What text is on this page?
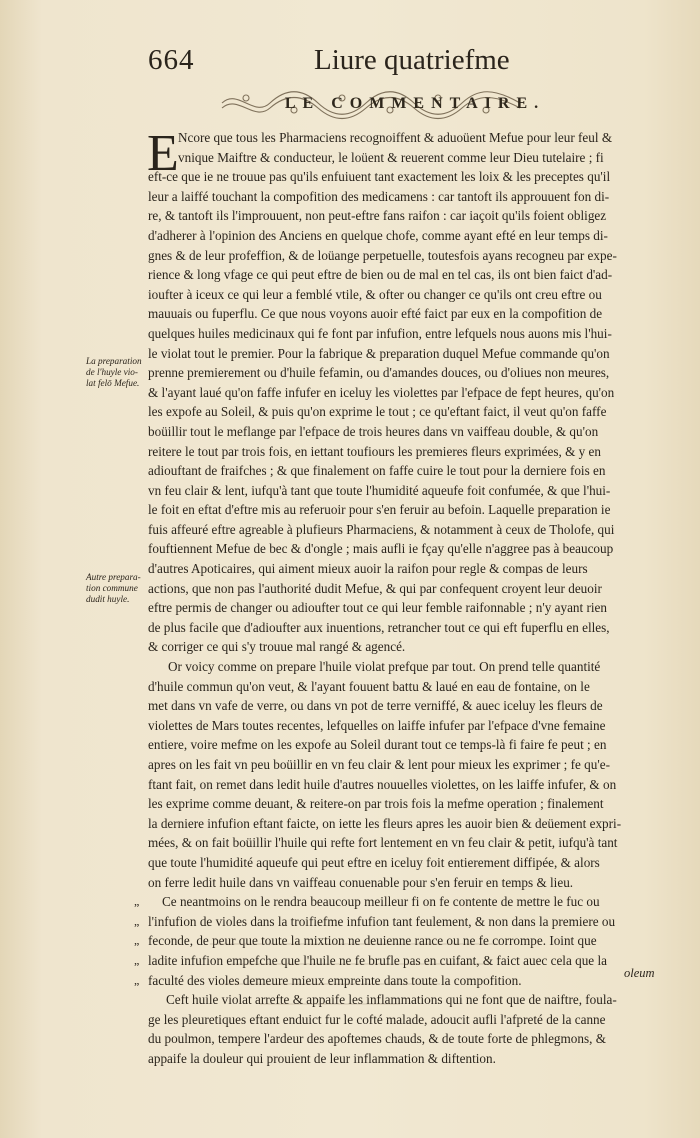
664	Liure quatriefme
LE COMMENTAIRE.
E Ncore que tous les Pharmaciens recognoiffent & aduoüent Mefue pour leur feul &
vnique Maiftre & conducteur, le loüent & reuerent comme leur Dieu tutelaire ; fi
eft-ce que ie ne trouue pas qu'ils enfuiuent tant exactement les loix & les preceptes qu'il
leur a laiffé touchant la compofition des medicamens : car tantoft ils approuuent fon di-
re, & tantoft ils l'improuuent, non peut-eftre fans raifon : car iaçoit qu'ils foient obligez
d'adherer à l'opinion des Anciens en quelque chofe, comme ayant efté en leur temps di-
gnes & de leur profeffion, & de loüange perpetuelle, toutesfois ayans recogneu par expe-
rience & long vfage ce qui peut eftre de bien ou de mal en tel cas, ils ont bien faict d'ad-
ioufter à iceux ce qui leur a femblé vtile, & ofter ou changer ce qu'ils ont creu eftre ou
mauuais ou fuperflu. Ce que nous voyons auoir efté faict par eux en la compofition de
quelques huiles medicinaux qui fe font par infufion, entre lefquels nous auons mis l'hui-
le violat tout le premier. Pour la fabrique & preparation duquel Mefue commande qu'on
prenne premierement ou d'huile fefamin, ou d'amandes douces, ou d'oliues non meures,
& l'ayant laué qu'on faffe infufer en iceluy les violettes par l'efpace de fept heures, qu'on
les expofe au Soleil, & puis qu'on exprime le tout ; ce qu'eftant faict, il veut qu'on faffe
boüillir tout le meflange par l'efpace de trois heures dans vn vaiffeau double, & qu'on
reitere le tout par trois fois, en iettant toufiours les premieres fleurs exprimées, & y en
adiouftant de fraifches ; & que finalement on faffe cuire le tout pour la derniere fois en
vn feu clair & lent, iufqu'à tant que toute l'humidité aqueufe foit confumée, & que l'hui-
le foit en eftat d'eftre mis au referuoir pour s'en feruir au befoin. Laquelle preparation ie
fuis affeuré eftre agreable à plufieurs Pharmaciens, & notamment à ceux de Tholofe, qui
fouftiennent Mefue de bec & d'ongle ; mais aufli ie fçay qu'elle n'aggree pas à beaucoup
d'autres Apoticaires, qui aiment mieux auoir la raifon pour regle & compas de leurs
actions, que non pas l'authorité dudit Mefue, & qui par confequent croyent leur deuoir
eftre permis de changer ou adioufter tout ce qui leur femble raifonnable ; n'y ayant rien
de plus facile que d'adioufter aux inuentions, retrancher tout ce qui eft fuperflu en elles,
& corriger ce qui s'y trouue mal rangé & agencé.
Or voicy comme on prepare l'huile violat prefque par tout. On prend telle quantité
d'huile commun qu'on veut, & l'ayant fouuent battu & laué en eau de fontaine, on le
met dans vn vafe de verre, ou dans vn pot de terre verniffé, & auec iceluy les fleurs de
violettes de Mars toutes recentes, lefquelles on laiffe infufer par l'efpace d'vne femaine
entiere, voire mefme on les expofe au Soleil durant tout ce temps-là fi faire fe peut ; en
apres on les fait vn peu boüillir en vn feu clair & lent pour mieux les exprimer ; fe qu'e-
ftant fait, on remet dans ledit huile d'autres nouuelles violettes, on les laiffe infufer, & on
les exprime comme deuant, & reitere-on par trois fois la mefme operation ; finalement
la derniere infufion eftant faicte, on iette les fleurs apres les auoir bien & deüement expri-
mées, & on fait boüillir l'huile qui refte fort lentement en vn feu clair & petit, iufqu'à tant
que toute l'humidité aqueufe qui peut eftre en iceluy foit entierement diffipée, & alors
on ferre ledit huile dans vn vaiffeau conuenable pour s'en feruir en temps & lieu.
„ Ce neantmoins on le rendra beaucoup meilleur fi on fe contente de mettre le fuc ou
„ l'infufion de violes dans la troifiefme infufion tant feulement, & non dans la premiere ou
„ feconde, de peur que toute la mixtion ne deuienne rance ou ne fe corrompe. Ioint que
„ ladite infufion empefche que l'huile ne fe brufle pas en cuifant, & faict auec cela que la
„ faculté des violes demeure mieux empreinte dans toute la compofition.
Ceft huile violat arrefte & appaife les inflammations qui ne font que de naiftre, foula-
ge les pleuretiques eftant enduict fur le cofté malade, adoucit aufli l'afpreté de la canne
du poulmon, tempere l'ardeur des apoftemes chauds, & de toute forte de phlegmons, &
appaife la douleur qui prouient de leur inflammation & diftention.
La preparation
de l'huyle vio-
lat felō Mefue.
Autre prepara-
tion commune
dudit huyle.
oleum
